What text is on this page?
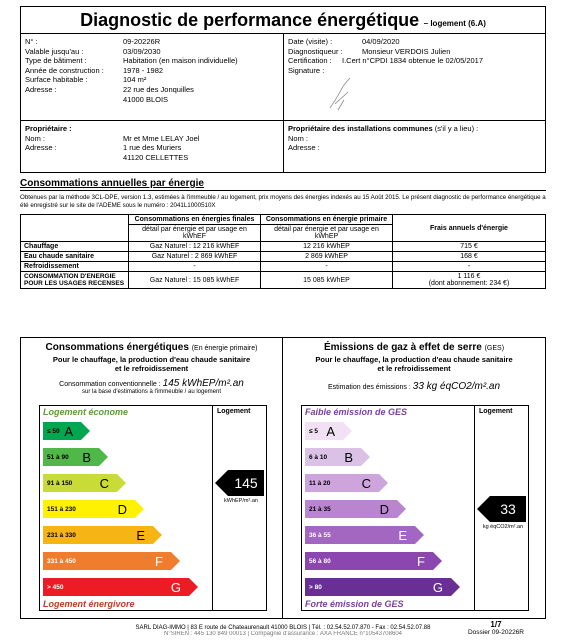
Diagnostic de performance énergétique – logement (6.A)
N° :	09-20226R
Valable jusqu'au :	03/09/2030
Type de bâtiment :	Habitation (en maison individuelle)
Année de construction :	1978 - 1982
Surface habitable :	104 m²
Adresse :	22 rue des Jonquilles
41000 BLOIS
Date (visite) :	04/09/2020
Diagnostiqueur :	Monsieur VERDOIS Julien
Certification :	I.Cert n°CPDI 1834 obtenue le 02/05/2017
Signature :
Propriétaire :
Nom :	Mr et Mme LELAY Joel
Adresse :	1 rue des Muriers
41120 CELLETTES
Propriétaire des installations communes
(s'il y a lieu) :
Nom :
Adresse :
Consommations annuelles par énergie
Obtenues par la méthode 3CL-DPE, version 1.3, estimées à l'immeuble / au logement, prix moyens des énergies indexés au 15 Août 2015. Le présent diagnostic de performance énergétique a été enregistré sur le site de l'ADEME sous le numéro : 2041L1000510X
	Consommations en énergies finales	Consommations en énergie primaire	Frais annuels d'énergie
	détail par énergie et par usage en kWhEF	détail par énergie et par usage en kWhEP	
Chauffage	Gaz Naturel : 12 216 kWhEF	12 216 kWhEP	715 €
Eau chaude sanitaire	Gaz Naturel : 2 869 kWhEF	2 869 kWhEP	168 €
Refroidissement	-	-	-
CONSOMMATION D'ENERGIE POUR LES USAGES RECENSES	Gaz Naturel : 15 085 kWhEF	15 085 kWhEP	1 116 €
(dont abonnement: 234 €)
Consommations énergétiques (En énergie primaire)
Pour le chauffage, la production d'eau chaude sanitaire et le refroidissement
Consommation conventionnelle : 145 kWhEP/m².an
sur la base d'estimations à l'immeuble / au logement
Logement économe	Logement
≤ 50 A
51 à 90 B
91 à 150 C
151 à 230	D
231 à 330	E
331 à 450	F
> 450	G
145
kWhEP/m².an
Logement énergivore
Émissions de gaz à effet de serre (GES)
Pour le chauffage, la production d'eau chaude sanitaire et le refroidissement
Estimation des émissions : 33 kg éqCO2/m².an
Faible émission de GES	Logement
≤ 5 A
6 à 10 B
11 à 20 C
21 à 35	D
36 à 55	E
56 à 80	F
> 80	G
33
kg éqCO2/m².an
Forte émission de GES
SARL DIAG-IMMO | 83 E route de Chateaurenault 41000 BLOIS | Tél. : 02.54.52.07.870 - Fax : 02.54.52.07.88
N°SIREN : 445 130 849 00013 | Compagnie d'assurance : AXA FRANCE n°10543708604
1/7
Dossier 09-20226R
